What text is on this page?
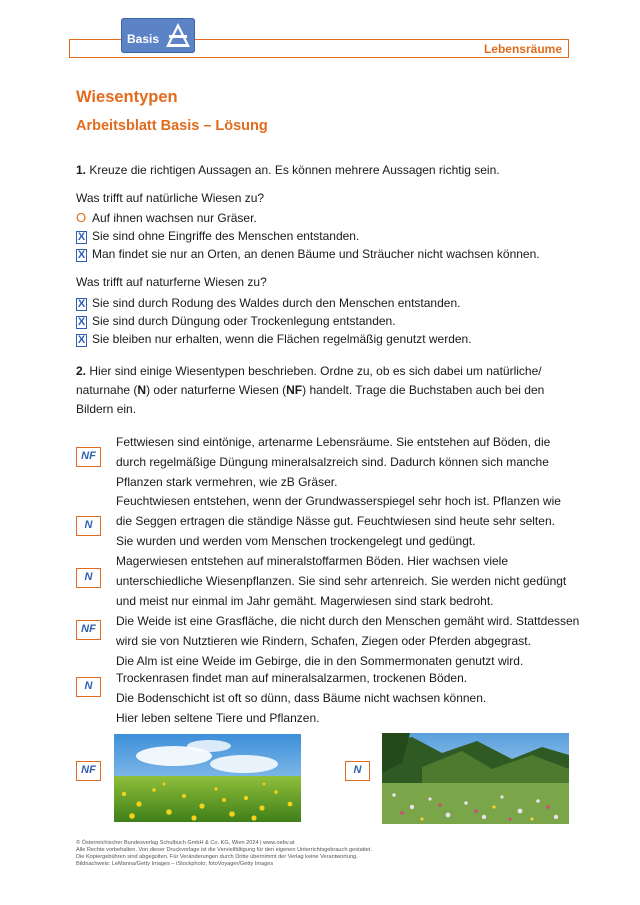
Lebensräume
Basis
Wiesentypen
Arbeitsblatt Basis – Lösung
1. Kreuze die richtigen Aussagen an. Es können mehrere Aussagen richtig sein.
Was trifft auf natürliche Wiesen zu?
O Auf ihnen wachsen nur Gräser.
X Sie sind ohne Eingriffe des Menschen entstanden.
X Man findet sie nur an Orten, an denen Bäume und Sträucher nicht wachsen können.
Was trifft auf naturferne Wiesen zu?
X Sie sind durch Rodung des Waldes durch den Menschen entstanden.
X Sie sind durch Düngung oder Trockenlegung entstanden.
X Sie bleiben nur erhalten, wenn die Flächen regelmäßig genutzt werden.
2. Hier sind einige Wiesentypen beschrieben. Ordne zu, ob es sich dabei um natürliche/ naturnahe (N) oder naturferne Wiesen (NF) handelt. Trage die Buchstaben auch bei den Bildern ein.
NF
Fettwiesen sind eintönige, artenarme Lebensräume. Sie entstehen auf Böden, die
durch regelmäßige Düngung mineralsalzreich sind. Dadurch können sich manche
Pflanzen stark vermehren, wie zB Gräser.
N
Feuchtwiesen entstehen, wenn der Grundwasserspiegel sehr hoch ist. Pflanzen wie
die Seggen ertragen die ständige Nässe gut. Feuchtwiesen sind heute sehr selten.
Sie wurden und werden vom Menschen trockengelegt und gedüngt.
N
Magerwiesen entstehen auf mineralstoffarmen Böden. Hier wachsen viele
unterschiedliche Wiesenpflanzen. Sie sind sehr artenreich. Sie werden nicht gedüngt
und meist nur einmal im Jahr gemäht. Magerwiesen sind stark bedroht.
NF
Die Weide ist eine Grasfläche, die nicht durch den Menschen gemäht wird. Stattdessen
wird sie von Nutztieren wie Rindern, Schafen, Ziegen oder Pferden abgegrast.
Die Alm ist eine Weide im Gebirge, die in den Sommermonaten genutzt wird.
N
Trockenrasen findet man auf mineralsalzarmen, trockenen Böden.
Die Bodenschicht ist oft so dünn, dass Bäume nicht wachsen können.
Hier leben seltene Tiere und Pflanzen.
NF	N
© Österreichischer Bundesverlag Schulbuch GmbH & Co. KG, Wien 2024 | www.oebv.at
Alle Rechte vorbehalten. Von dieser Druckvorlage ist die Vervielfältigung für den eigenen Unterrichtsgebrauch gestattet.
Die Kopiergebühren sind abgegolten. Für Veränderungen durch Dritte übernimmt der Verlag keine Verantwortung.
Bildnachweis: LeManna/Getty Images – iStockphoto; fotoVoyager/Getty Images
